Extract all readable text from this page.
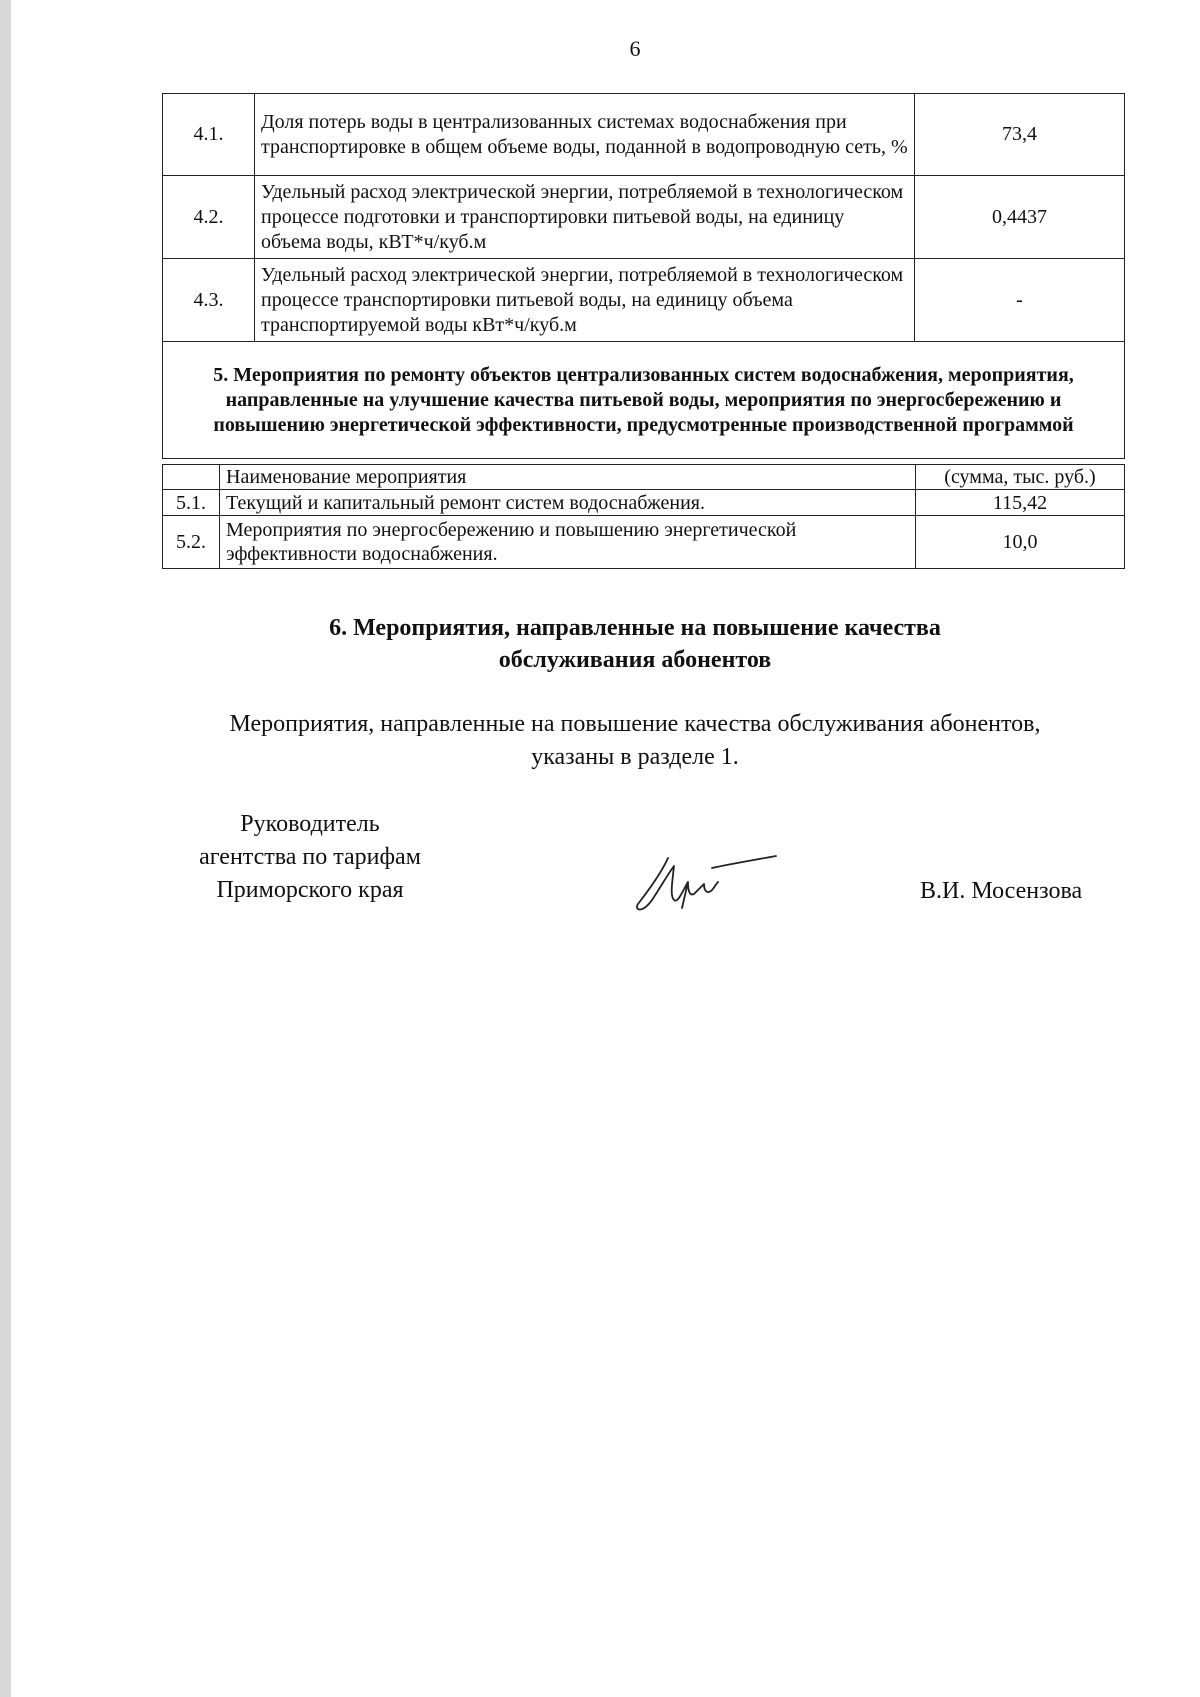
6
4.1.	Доля потерь воды в централизованных системах водоснабжения при транспортировке в общем объеме воды, поданной в водопроводную сеть, %	73,4
4.2.	Удельный расход электрической энергии, потребляемой в технологическом процессе подготовки и транспортировки питьевой воды, на единицу объема воды, кВТ*ч/куб.м	0,4437
4.3.	Удельный расход электрической энергии, потребляемой в технологическом процессе транспортировки питьевой воды, на единицу объема транспортируемой воды кВт*ч/куб.м	-
5. Мероприятия по ремонту объектов централизованных систем водоснабжения, мероприятия, направленные на улучшение качества питьевой воды, мероприятия по энергосбережению и повышению энергетической эффективности, предусмотренные производственной программой		
	Наименование мероприятия	(сумма, тыс. руб.)
5.1.	Текущий и капитальный ремонт систем водоснабжения.	115,42
5.2.	Мероприятия по энергосбережению и повышению энергетической эффективности водоснабжения.	10,0
6. Мероприятия, направленные на повышение качества
обслуживания абонентов
Мероприятия, направленные на повышение качества обслуживания абонентов,
указаны в разделе 1.
Руководитель
агентства по тарифам
Приморского края	В.И. Мосензова
